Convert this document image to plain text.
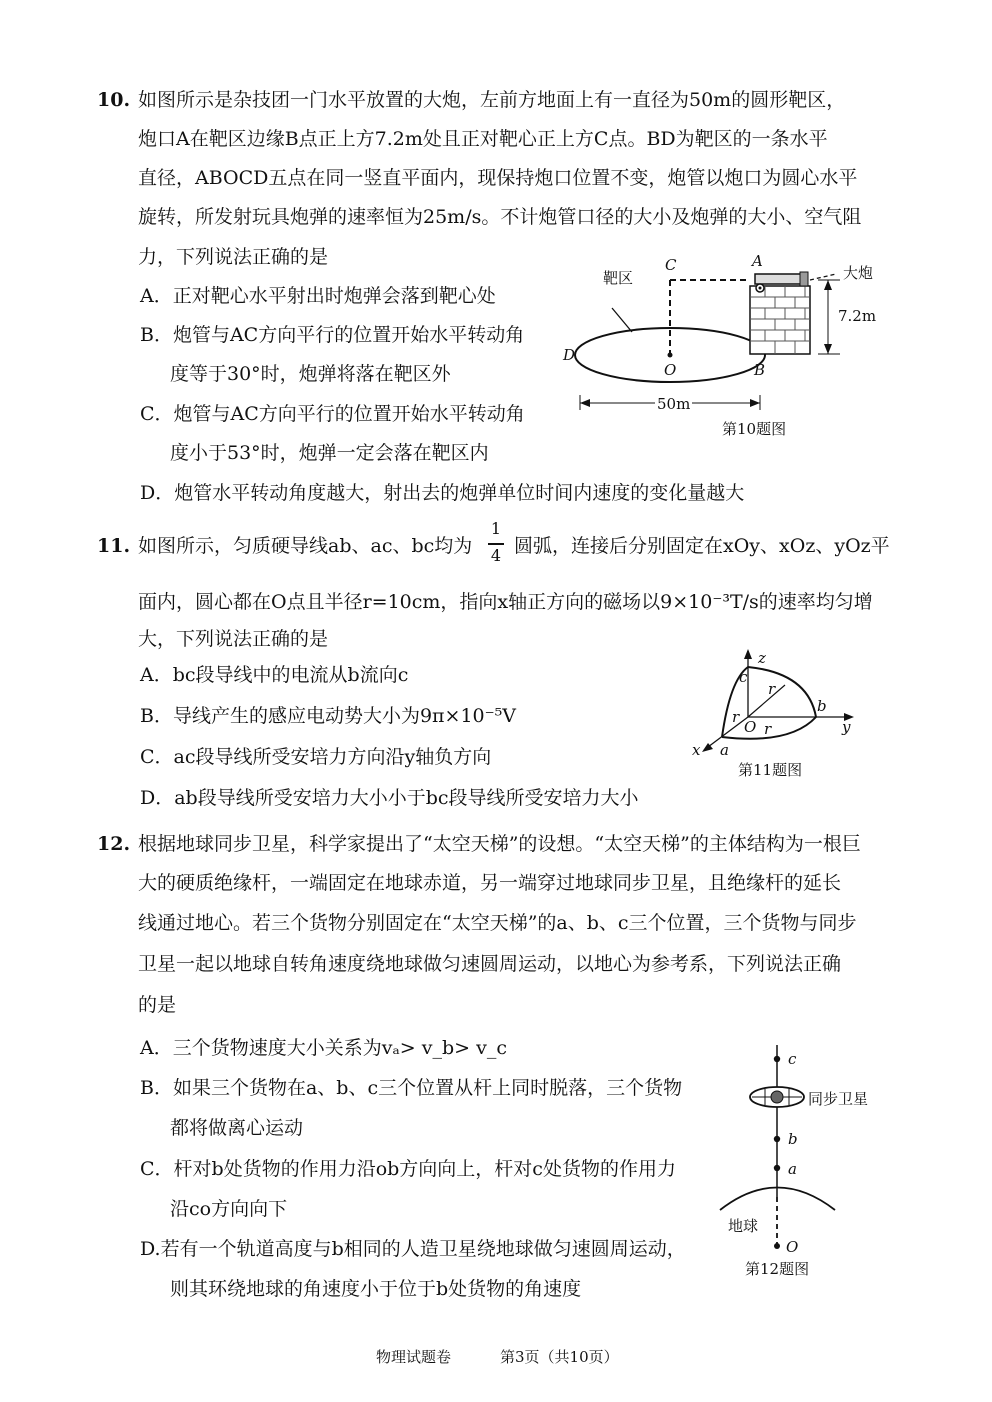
10. 如图所示是杂技团一门水平放置的大炮，左前方地面上有一直径为50m的圆形靶区，
炮口A在靶区边缘B点正上方7.2m处且正对靶心正上方C点。BD为靶区的一条水平
直径，ABOCD五点在同一竖直平面内，现保持炮口位置不变，炮管以炮口为圆心水平
旋转，所发射玩具炮弹的速率恒为25m/s。不计炮管口径的大小及炮弹的大小、空气阻
力，下列说法正确的是
A．正对靶心水平射出时炮弹会落到靶心处
B．炮管与AC方向平行的位置开始水平转动角
度等于30°时，炮弹将落在靶区外
C．炮管与AC方向平行的位置开始水平转动角
度小于53°时，炮弹一定会落在靶区内
D．炮管水平转动角度越大，射出去的炮弹单位时间内速度的变化量越大
靶区	大炮
C	A
D
O	B
7.2m
50m
第10题图
11. 如图所示，匀质硬导线ab、ac、bc均为
1
4 圆弧，连接后分别固定在xOy、xOz、yOz平
面内，圆心都在O点且半径r=10cm，指向x轴正方向的磁场以9×10⁻³T/s的速率均匀增
大，下列说法正确的是
A．bc段导线中的电流从b流向c
B．导线产生的感应电动势大小为9π×10⁻⁵V
C．ac段导线所受安培力方向沿y轴负方向
D．ab段导线所受安培力大小小于bc段导线所受安培力大小
z
c
r
b
r
O r	y
x a
第11题图
12. 根据地球同步卫星，科学家提出了“太空天梯”的设想。“太空天梯”的主体结构为一根巨
大的硬质绝缘杆，一端固定在地球赤道，另一端穿过地球同步卫星，且绝缘杆的延长
线通过地心。若三个货物分别固定在“太空天梯”的a、b、c三个位置，三个货物与同步
卫星一起以地球自转角速度绕地球做匀速圆周运动，以地心为参考系，下列说法正确
的是
A．三个货物速度大小关系为vₐ> v_b> v_c
B．如果三个货物在a、b、c三个位置从杆上同时脱落，三个货物
都将做离心运动
C．杆对b处货物的作用力沿ob方向向上，杆对c处货物的作用力
沿co方向向下
D.若有一个轨道高度与b相同的人造卫星绕地球做匀速圆周运动，
则其环绕地球的角速度小于位于b处货物的角速度
c
同步卫星
b
a
地球
O
第12题图
物理试题卷	第3页（共10页）
